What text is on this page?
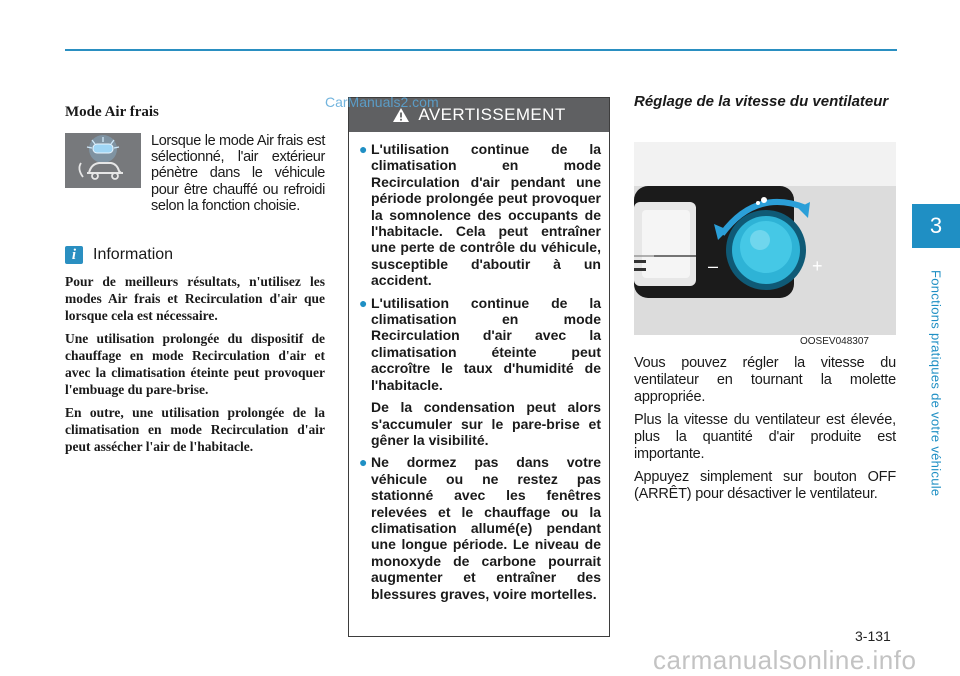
3
Fonctions pratiques de votre véhicule
Mode Air frais
Lorsque le mode Air frais est sélectionné, l'air extérieur pénètre dans le véhicule pour être chauffé ou refroidi selon la fonction choisie.
i	Information

Pour de meilleurs résultats, n'utilisez les modes Air frais et Recirculation d'air que lorsque cela est nécessaire.

Une utilisation prolongée du dispositif de chauffage en mode Recirculation d'air et avec la climatisation éteinte peut provoquer l'embuage du pare-brise.

En outre, une utilisation prolongée de la climatisation en mode Recirculation d'air peut assécher l'air de l'habitacle.

AVERTISSEMENT
● L'utilisation continue de la climatisation en mode Recirculation d'air pendant une période prolongée peut provoquer la somnolence des occupants de l'habitacle. Cela peut entraîner une perte de contrôle du véhicule, susceptible d'aboutir à un accident.
● L'utilisation continue de la climatisation en mode Recirculation d'air avec la climatisation éteinte peut accroître le taux d'humidité de l'habitacle.
De la condensation peut alors s'accumuler sur le pare-brise et gêner la visibilité.
● Ne dormez pas dans votre véhicule ou ne restez pas stationné avec les fenêtres relevées et le chauffage ou la climatisation allumé(e) pendant une longue période. Le niveau de monoxyde de carbone pourrait augmenter et entraîner des blessures graves, voire mortelles.
Réglage de la vitesse du ventilateur
–	+
OOSEV048307

Vous pouvez régler la vitesse du ventilateur en tournant la molette appropriée.

Plus la vitesse du ventilateur est élevée, plus la quantité d'air produite est importante.

Appuyez simplement sur bouton OFF (ARRÊT) pour désactiver le ventilateur.

CarManuals2.com
3-131
carmanualsonline.info
